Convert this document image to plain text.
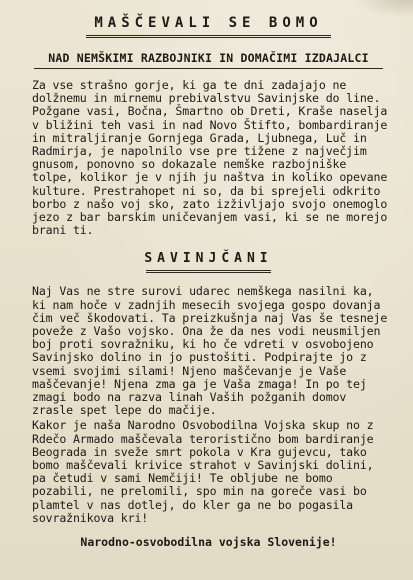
MAŠČEVALI SE BOMO
NAD NEMŠKIMI RAZBOJNIKI IN DOMAČIMI IZDAJALCI

Za vse strašno gorje, ki ga te dni zadajajo ne dolžnemu in mirnemu prebivalstvu Savinjske do line. Požgane vasi, Bočna, Šmartno ob Dreti, Kraše naselja v bližini teh vasi in nad Novo Štifto, bombardiranje in mitraljiranje Gornjega Grada, Ljubnega, Luč in Radmirja, je napolnilo vse pre tižene z največjim gnusom, ponovno so dokazale nemške razbojniške tolpe, kolikor je v njih ju naštva in koliko opevane kulture. Prestrahopet ni so, da bi sprejeli odkrito borbo z našo voj sko, zato izživljajo svojo onemoglo jezo z bar barskim uničevanjem vasi, ki se ne morejo brani ti.

SAVINJČANI

Naj Vas ne stre surovi udarec nemškega nasilni ka, ki nam hoče v zadnjih mesecih svojega gospo dovanja čim več škodovati. Ta preizkušnja naj Vas še tesneje poveže z Vašo vojsko. Ona že da nes vodi neusmiljen boj proti sovražniku, ki ho če vdreti v osvobojeno Savinjsko dolino in jo pustošiti. Podpirajte jo z vsemi svojimi silami! Njeno maščevanje je Vaše maščevanje! Njena zma ga je Vaša zmaga! In po tej zmagi bodo na razva linah Vaših požganih domov zrasle spet lepe do mačije.

Kakor je naša Narodno Osvobodilna Vojska skup no z Rdečo Armado maščevala teroristično bom bardiranje Beograda in sveže smrt pokola v Kra gujevcu, tako bomo maščevali krivice strahot v Savinjski dolini, pa četudi v sami Nemčiji! Te obljube ne bomo pozabili, ne prelomili, spo min na goreče vasi bo plamtel v nas dotlej, do kler ga ne bo pogasila sovražnikova kri!

Narodno-osvobodilna vojska Slovenije!
